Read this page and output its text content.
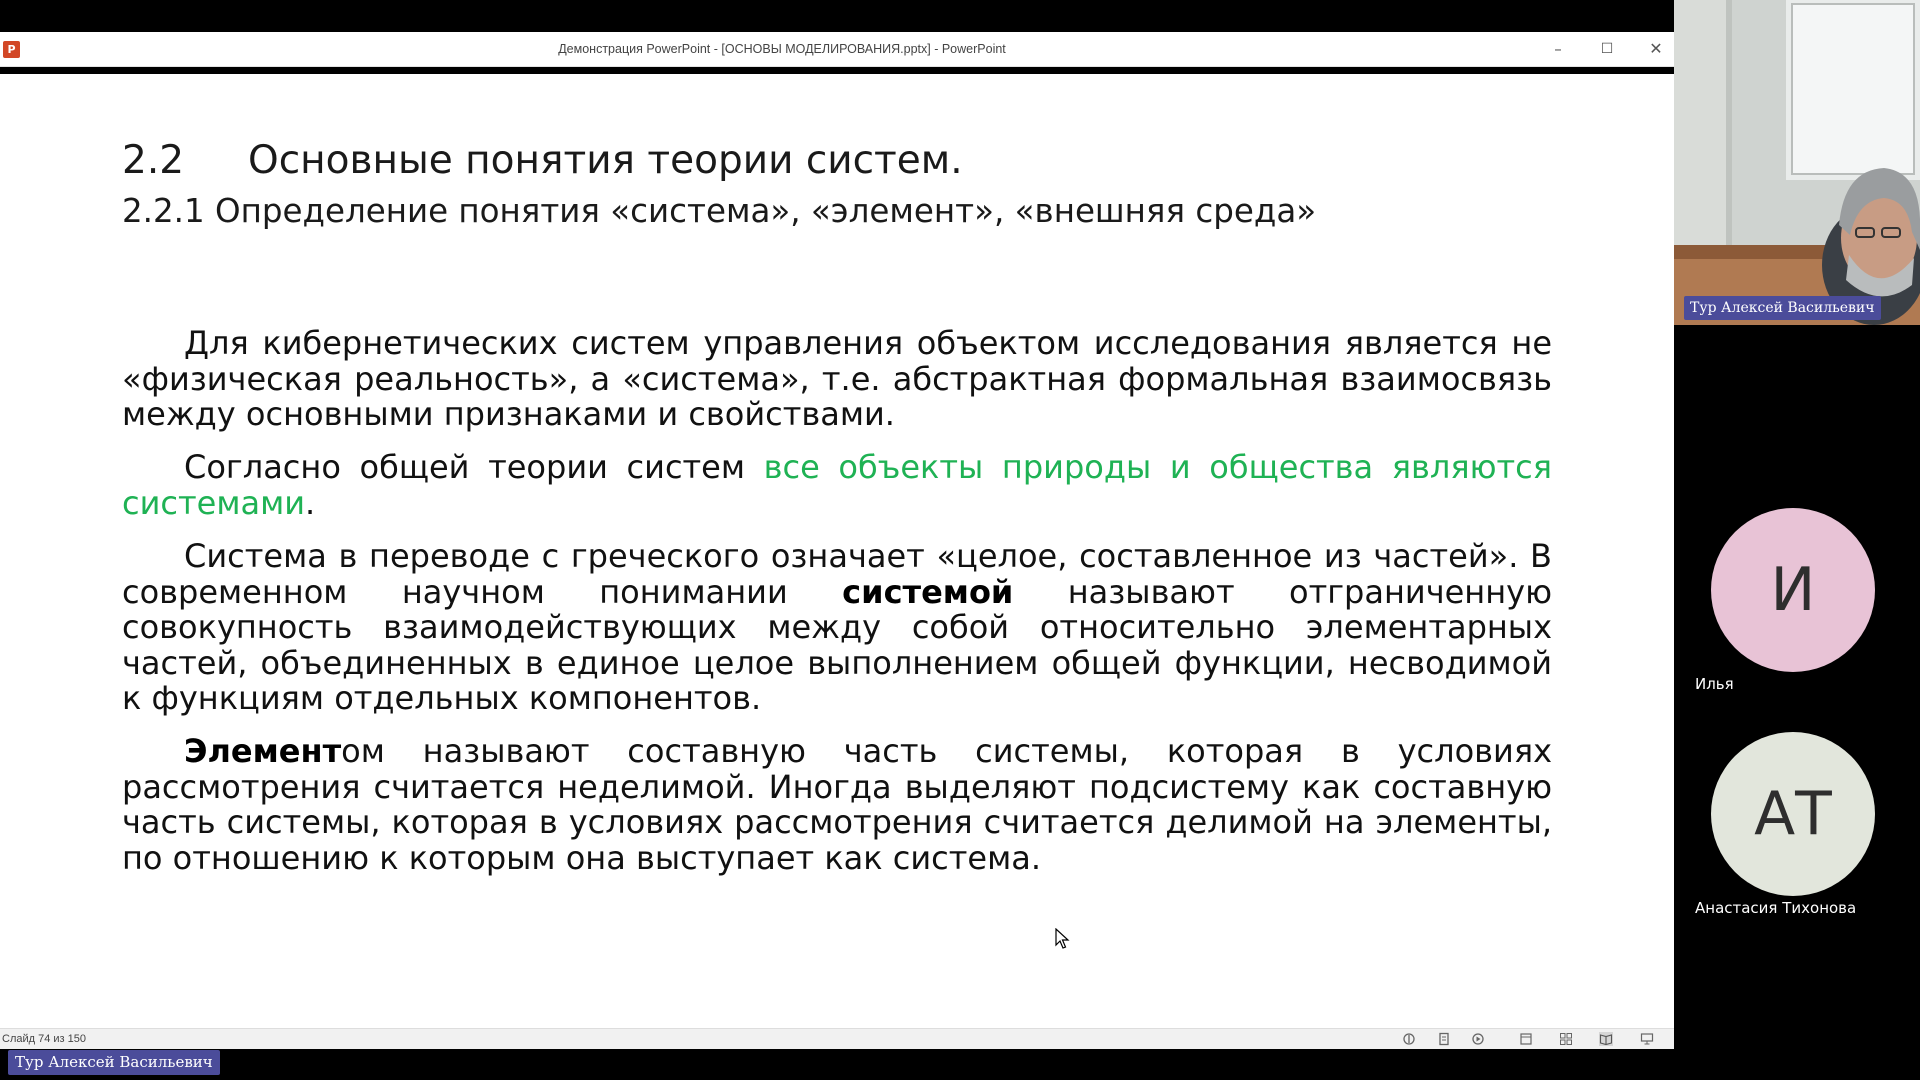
P	Демонстрация PowerPoint - [ОСНОВЫ МОДЕЛИРОВАНИЯ.pptx] - PowerPoint	–	☐	✕
2.2 Основные понятия теории систем.
2.2.1 Определение понятия «система», «элемент», «внешняя среда»

Для кибернетических систем управления объектом исследования является не «физическая реальность», а «система», т.е. абстрактная формальная взаимосвязь между основными признаками и свойствами.

Согласно общей теории систем все объекты природы и общества являются системами.

Система в переводе с греческого означает «целое, составленное из частей». В современном научном понимании системой называют отграниченную совокупность взаимодействующих между собой относительно элементарных частей, объединенных в единое целое выполнением общей функции, несводимой к функциям отдельных компонентов.

Элементом называют составную часть системы, которая в условиях рассмотрения считается неделимой. Иногда выделяют подсистему как составную часть системы, которая в условиях рассмотрения считается делимой на элементы, по отношению к которым она выступает как система.

Слайд 74 из 150
Тур Алексей Васильевич
Тур Алексей Васильевич
И
Илья
АТ
Анастасия Тихонова
